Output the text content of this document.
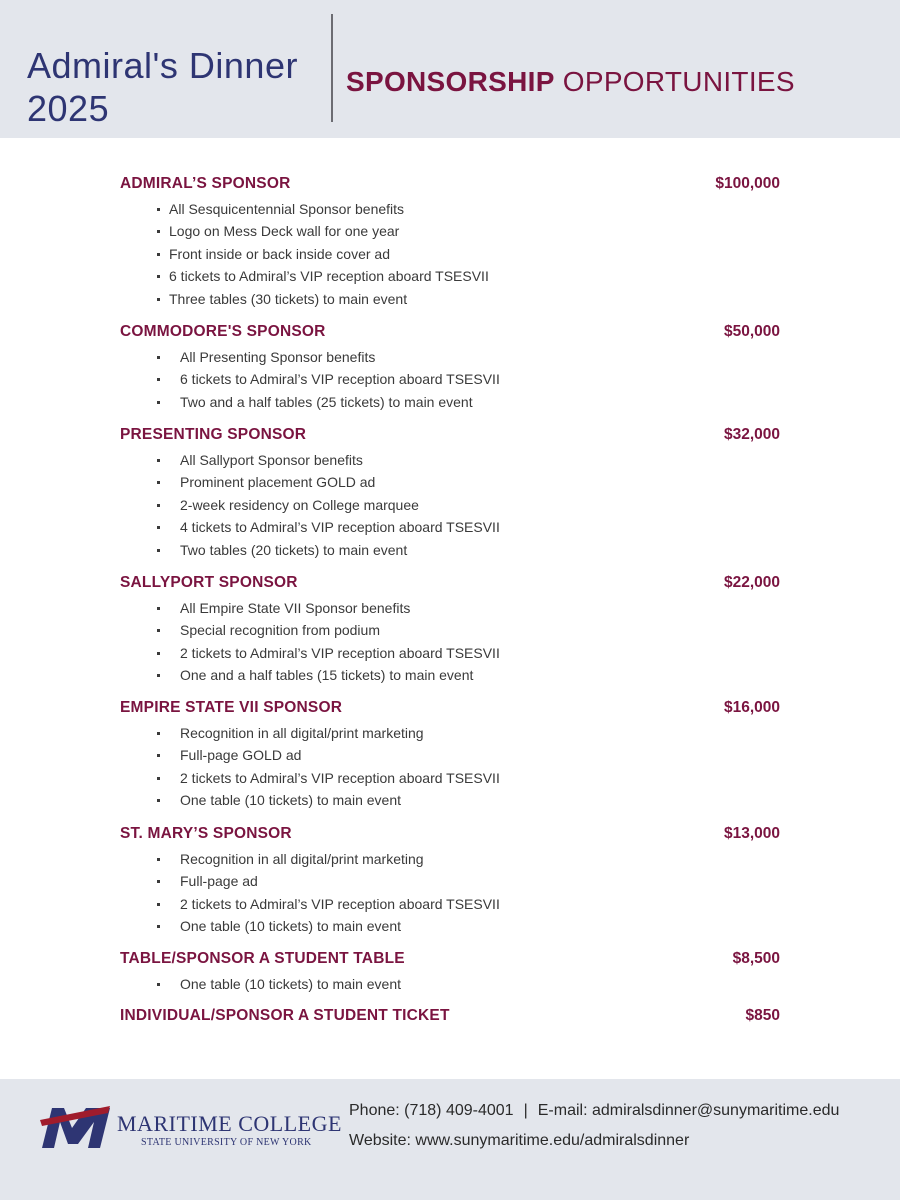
Admiral's Dinner
2025
SPONSORSHIP OPPORTUNITIES
ADMIRAL’S SPONSOR	$100,000
All Sesquicentennial Sponsor benefits
Logo on Mess Deck wall for one year
Front inside or back inside cover ad
6 tickets to Admiral’s VIP reception aboard TSESVII
Three tables (30 tickets) to main event
COMMODORE'S SPONSOR	$50,000
All Presenting Sponsor benefits
6 tickets to Admiral’s VIP reception aboard TSESVII
Two and a half tables (25 tickets) to main event
PRESENTING SPONSOR	$32,000
All Sallyport Sponsor benefits
Prominent placement GOLD ad
2-week residency on College marquee
4 tickets to Admiral’s VIP reception aboard TSESVII
Two tables (20 tickets) to main event
SALLYPORT SPONSOR	$22,000
All Empire State VII Sponsor benefits
Special recognition from podium
2 tickets to Admiral’s VIP reception aboard TSESVII
One and a half tables (15 tickets) to main event
EMPIRE STATE VII SPONSOR	$16,000
Recognition in all digital/print marketing
Full-page GOLD ad
2 tickets to Admiral’s VIP reception aboard TSESVII
One table (10 tickets) to main event
ST. MARY’S SPONSOR	$13,000
Recognition in all digital/print marketing
Full-page ad
2 tickets to Admiral’s VIP reception aboard TSESVII
One table (10 tickets) to main event
TABLE/SPONSOR A STUDENT TABLE	$8,500
One table (10 tickets) to main event
INDIVIDUAL/SPONSOR A STUDENT TICKET	$850
MARITIME COLLEGE
STATE UNIVERSITY OF NEW YORK
Phone: (718) 409-4001 | E-mail: admiralsdinner@sunymaritime.edu
Website: www.sunymaritime.edu/admiralsdinner
